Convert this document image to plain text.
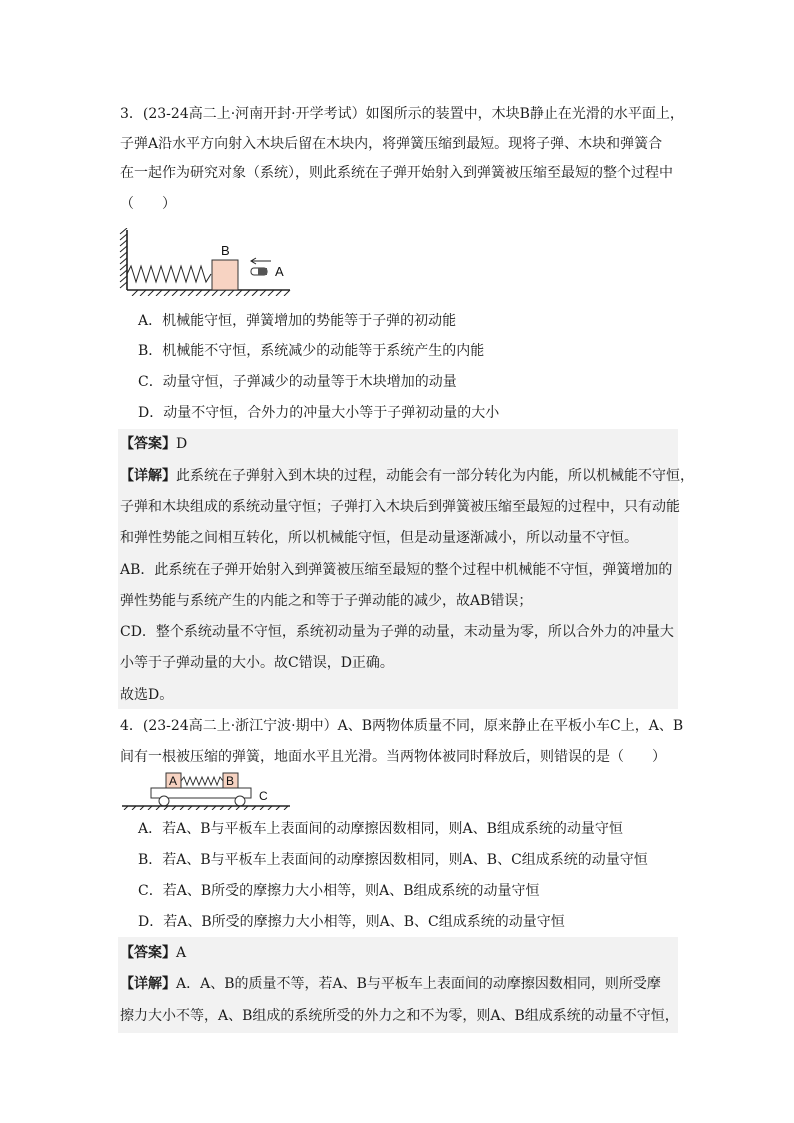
3．(23-24高二上·河南开封·开学考试）如图所示的装置中，木块B静止在光滑的水平面上，
子弹A沿水平方向射入木块后留在木块内，将弹簧压缩到最短。现将子弹、木块和弹簧合
在一起作为研究对象（系统），则此系统在子弹开始射入到弹簧被压缩至最短的整个过程中
（　　）
B
A
A．机械能守恒，弹簧增加的势能等于子弹的初动能
B．机械能不守恒，系统减少的动能等于系统产生的内能
C．动量守恒，子弹减少的动量等于木块增加的动量
D．动量不守恒，合外力的冲量大小等于子弹初动量的大小
【答案】D
【详解】此系统在子弹射入到木块的过程，动能会有一部分转化为内能，所以机械能不守恒，
子弹和木块组成的系统动量守恒；子弹打入木块后到弹簧被压缩至最短的过程中，只有动能
和弹性势能之间相互转化，所以机械能守恒，但是动量逐渐减小，所以动量不守恒。
AB．此系统在子弹开始射入到弹簧被压缩至最短的整个过程中机械能不守恒，弹簧增加的
弹性势能与系统产生的内能之和等于子弹动能的减少，故AB错误；
CD．整个系统动量不守恒，系统初动量为子弹的动量，末动量为零，所以合外力的冲量大
小等于子弹动量的大小。故C错误，D正确。
故选D。
4．(23-24高二上·浙江宁波·期中）A、B两物体质量不同，原来静止在平板小车C上，A、B
间有一根被压缩的弹簧，地面水平且光滑。当两物体被同时释放后，则错误的是（　　）
A	B
C
A．若A、B与平板车上表面间的动摩擦因数相同，则A、B组成系统的动量守恒
B．若A、B与平板车上表面间的动摩擦因数相同，则A、B、C组成系统的动量守恒
C．若A、B所受的摩擦力大小相等，则A、B组成系统的动量守恒
D．若A、B所受的摩擦力大小相等，则A、B、C组成系统的动量守恒
【答案】A
【详解】A．A、B的质量不等，若A、B与平板车上表面间的动摩擦因数相同，则所受摩
擦力大小不等，A、B组成的系统所受的外力之和不为零，则A、B组成系统的动量不守恒，
